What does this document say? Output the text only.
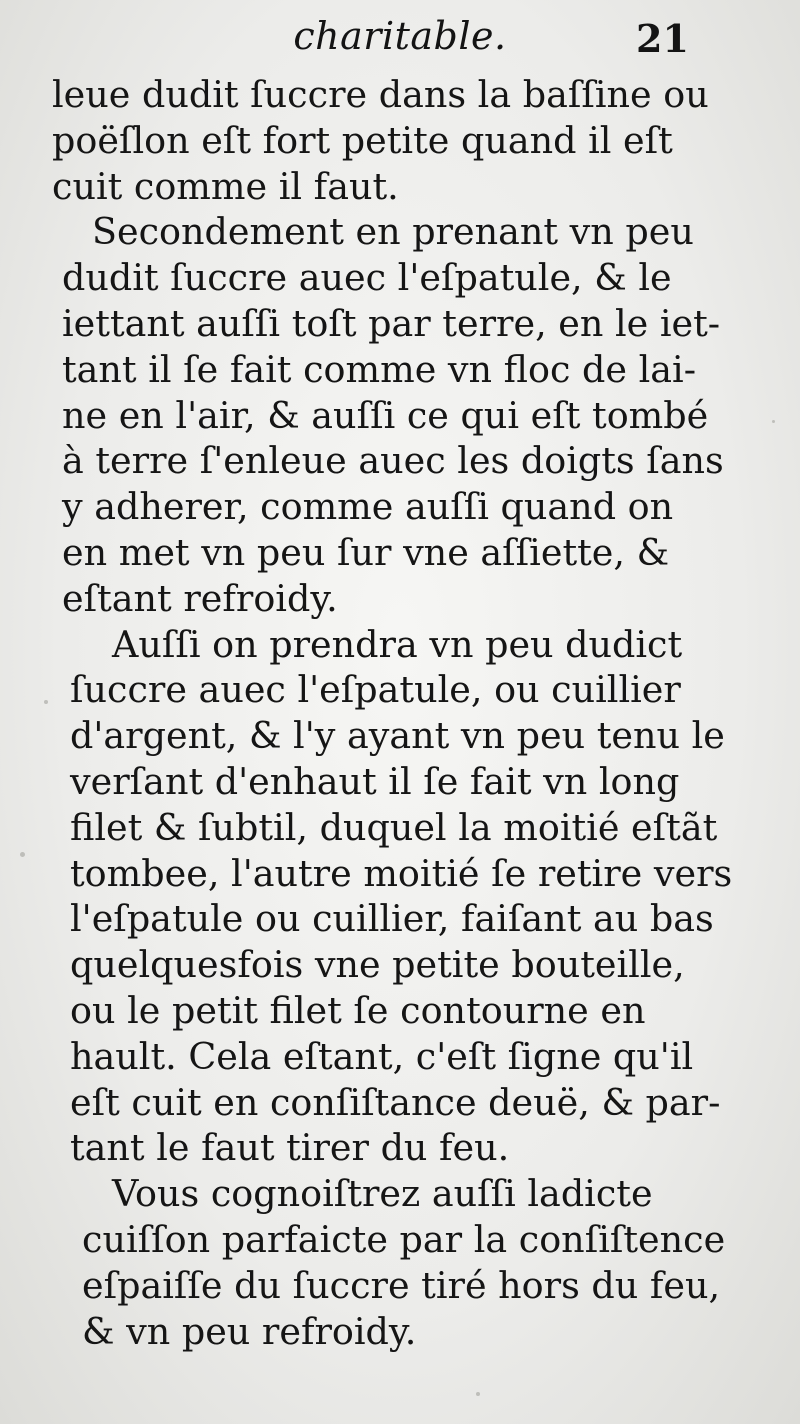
charitable.	21
leue dudit ſuccre dans la baſſine ou
poëſlon eſt fort petite quand il eſt
cuit comme il faut.
Secondement en prenant vn peu
dudit ſuccre auec l'eſpatule, & le
iettant auſſi toſt par terre, en le iet-
tant il ſe fait comme vn floc de lai-
ne en l'air, & auſſi ce qui eſt tombé
à terre ſ'enleue auec les doigts ſans
y adherer, comme auſſi quand on
en met vn peu ſur vne aſſiette, &
eſtant refroidy.
Auſſi on prendra vn peu dudict
ſuccre auec l'eſpatule, ou cuillier
d'argent, & l'y ayant vn peu tenu le
verſant d'enhaut il ſe fait vn long
filet & ſubtil, duquel la moitié eſtãt
tombee, l'autre moitié ſe retire vers
l'eſpatule ou cuillier, faiſant au bas
quelquesfois vne petite bouteille,
ou le petit filet ſe contourne en
hault. Cela eſtant, c'eſt ſigne qu'il
eſt cuit en conſiſtance deuë, & par-
tant le faut tirer du feu.
Vous cognoiſtrez auſſi ladicte
cuiſſon parfaicte par la conſiſtence
eſpaiſſe du ſuccre tiré hors du feu,
& vn peu refroidy.
